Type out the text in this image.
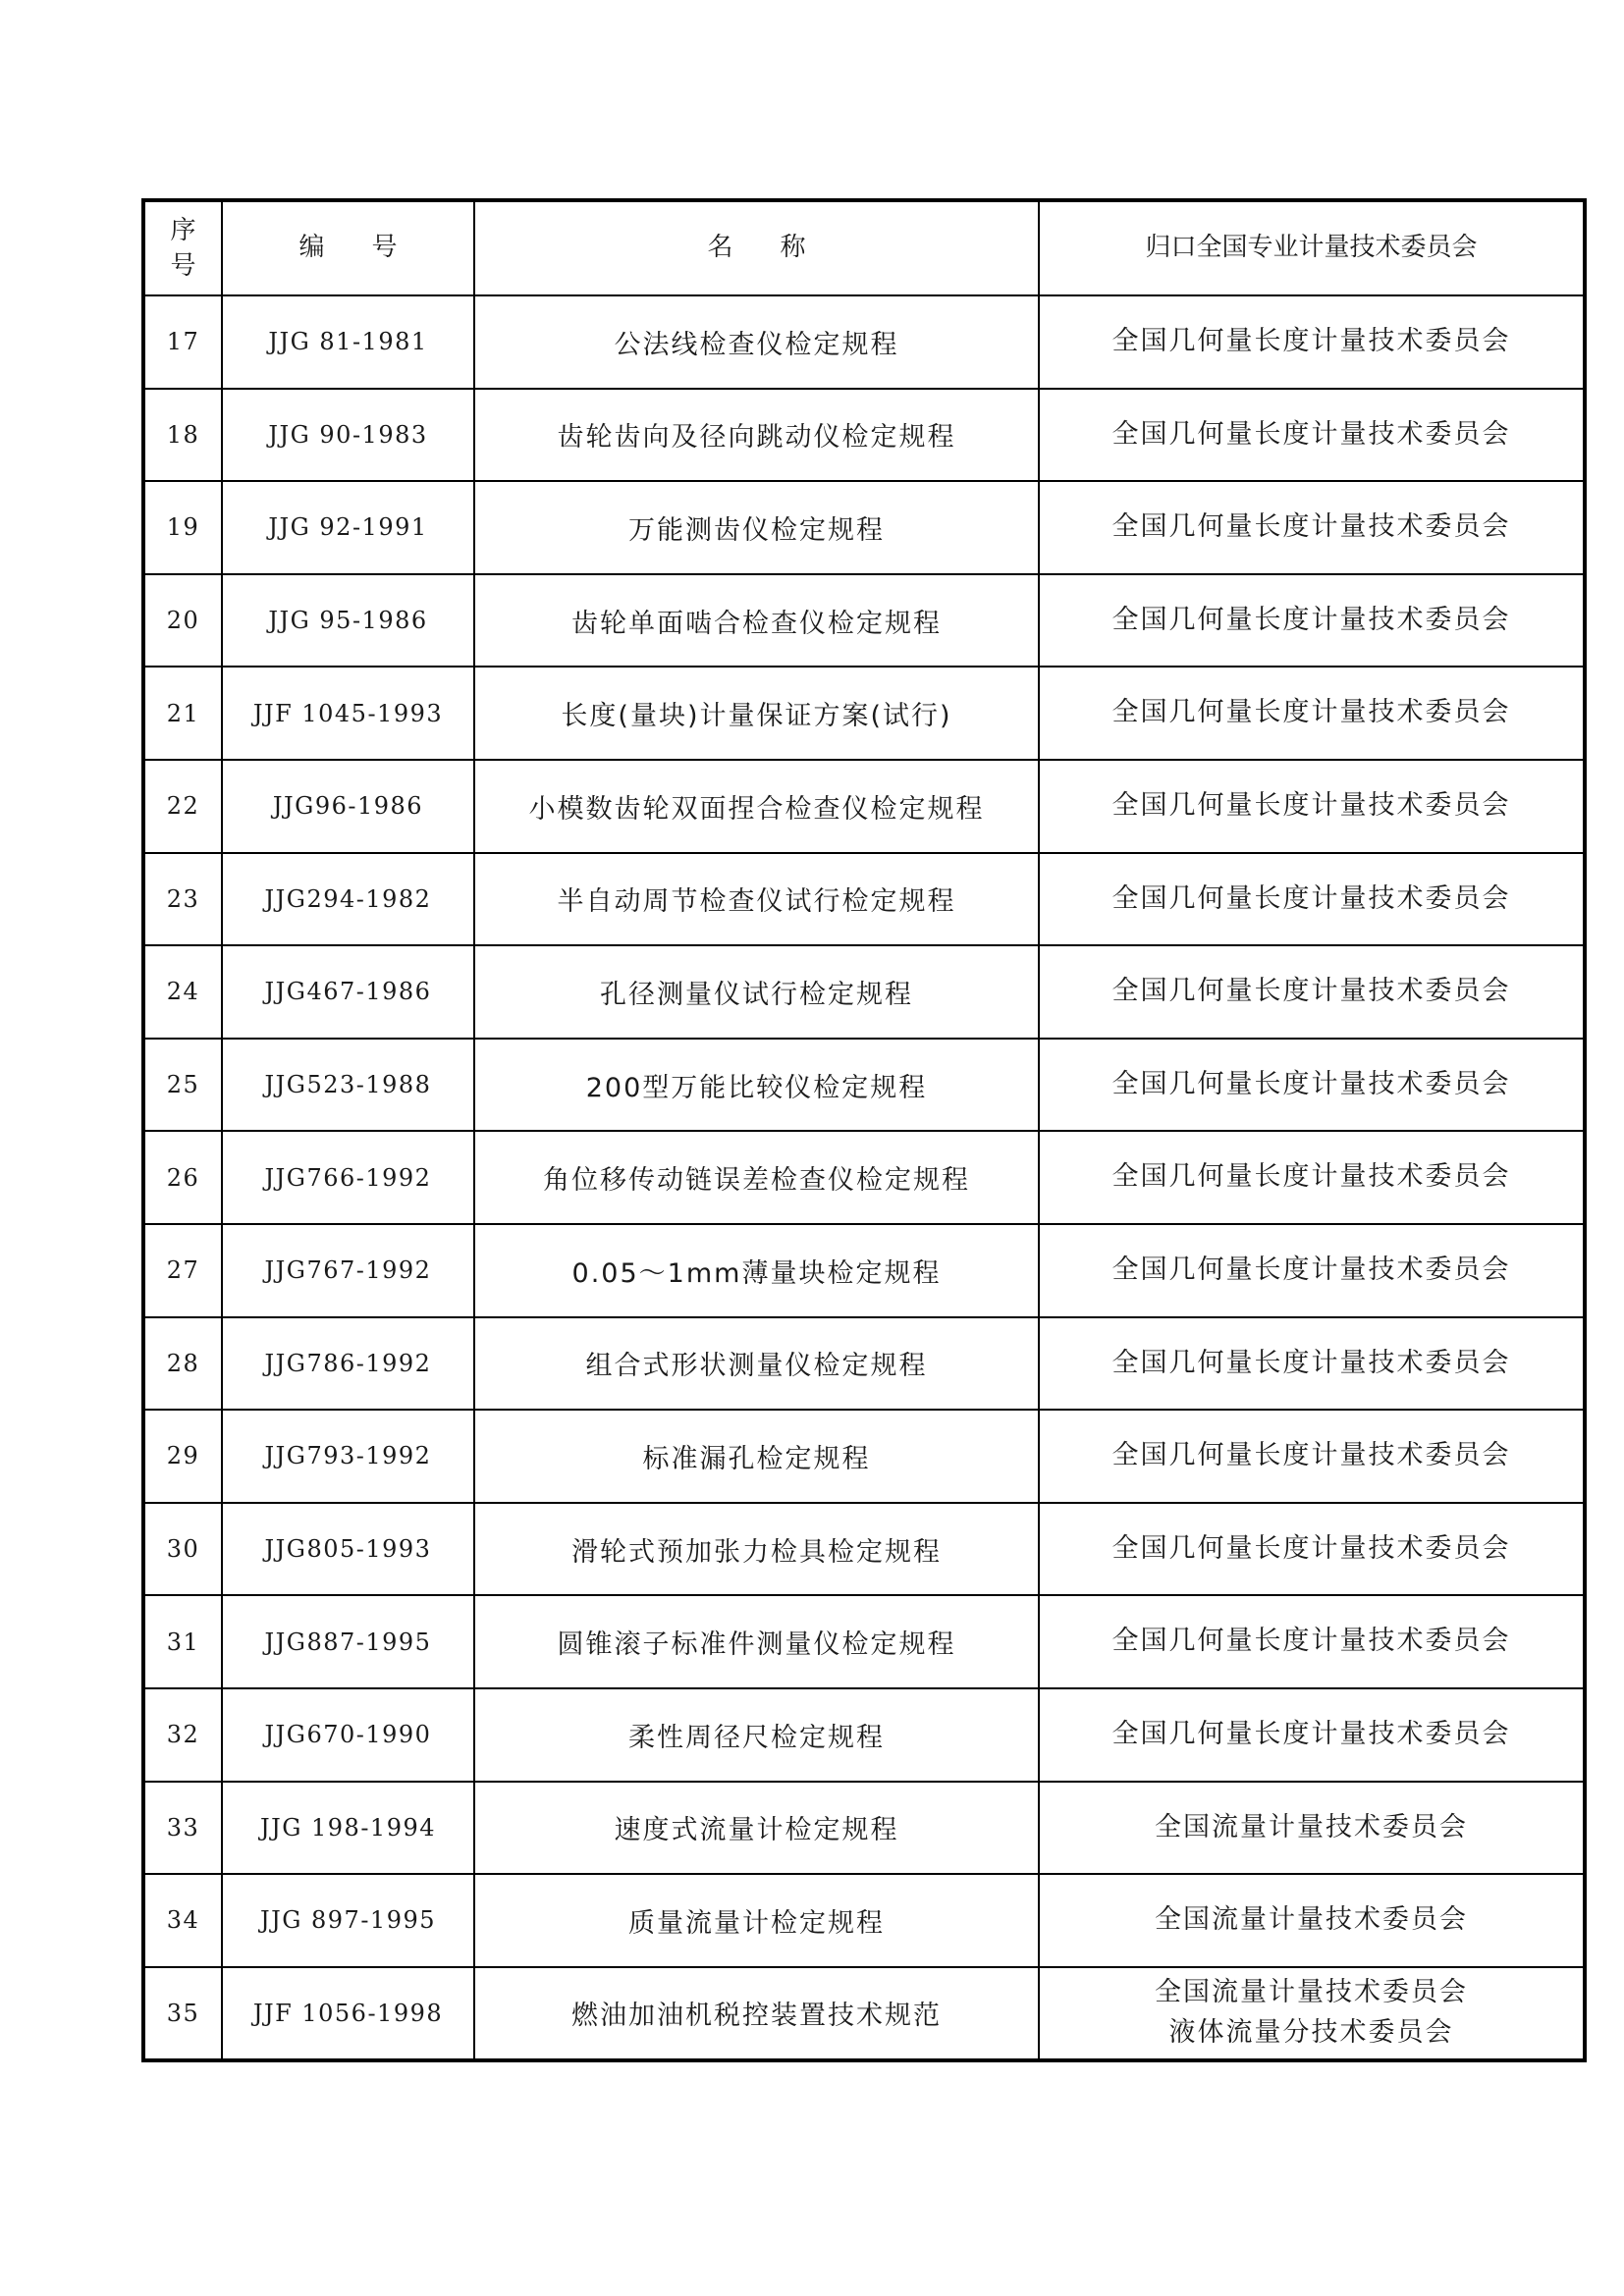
序
号	编 号	名 称	归口全国专业计量技术委员会
17	JJG 81-1981	公法线检查仪检定规程	全国几何量长度计量技术委员会

18	JJG 90-1983	齿轮齿向及径向跳动仪检定规程	全国几何量长度计量技术委员会

19	JJG 92-1991	万能测齿仪检定规程	全国几何量长度计量技术委员会

20	JJG 95-1986	齿轮单面啮合检查仪检定规程	全国几何量长度计量技术委员会

21	JJF 1045-1993	长度(量块)计量保证方案(试行)	全国几何量长度计量技术委员会

22	JJG96-1986	小模数齿轮双面捏合检查仪检定规程	全国几何量长度计量技术委员会

23	JJG294-1982	半自动周节检查仪试行检定规程	全国几何量长度计量技术委员会

24	JJG467-1986	孔径测量仪试行检定规程	全国几何量长度计量技术委员会

25	JJG523-1988	200型万能比较仪检定规程	全国几何量长度计量技术委员会

26	JJG766-1992	角位移传动链误差检查仪检定规程	全国几何量长度计量技术委员会

27	JJG767-1992	0.05～1mm薄量块检定规程	全国几何量长度计量技术委员会

28	JJG786-1992	组合式形状测量仪检定规程	全国几何量长度计量技术委员会

29	JJG793-1992	标准漏孔检定规程	全国几何量长度计量技术委员会

30	JJG805-1993	滑轮式预加张力检具检定规程	全国几何量长度计量技术委员会

31	JJG887-1995	圆锥滚子标准件测量仪检定规程	全国几何量长度计量技术委员会

32	JJG670-1990	柔性周径尺检定规程	全国几何量长度计量技术委员会

33	JJG 198-1994	速度式流量计检定规程	全国流量计量技术委员会

34	JJG 897-1995	质量流量计检定规程	全国流量计量技术委员会

35	JJF 1056-1998	燃油加油机税控装置技术规范	全国流量计量技术委员会
液体流量分技术委员会
